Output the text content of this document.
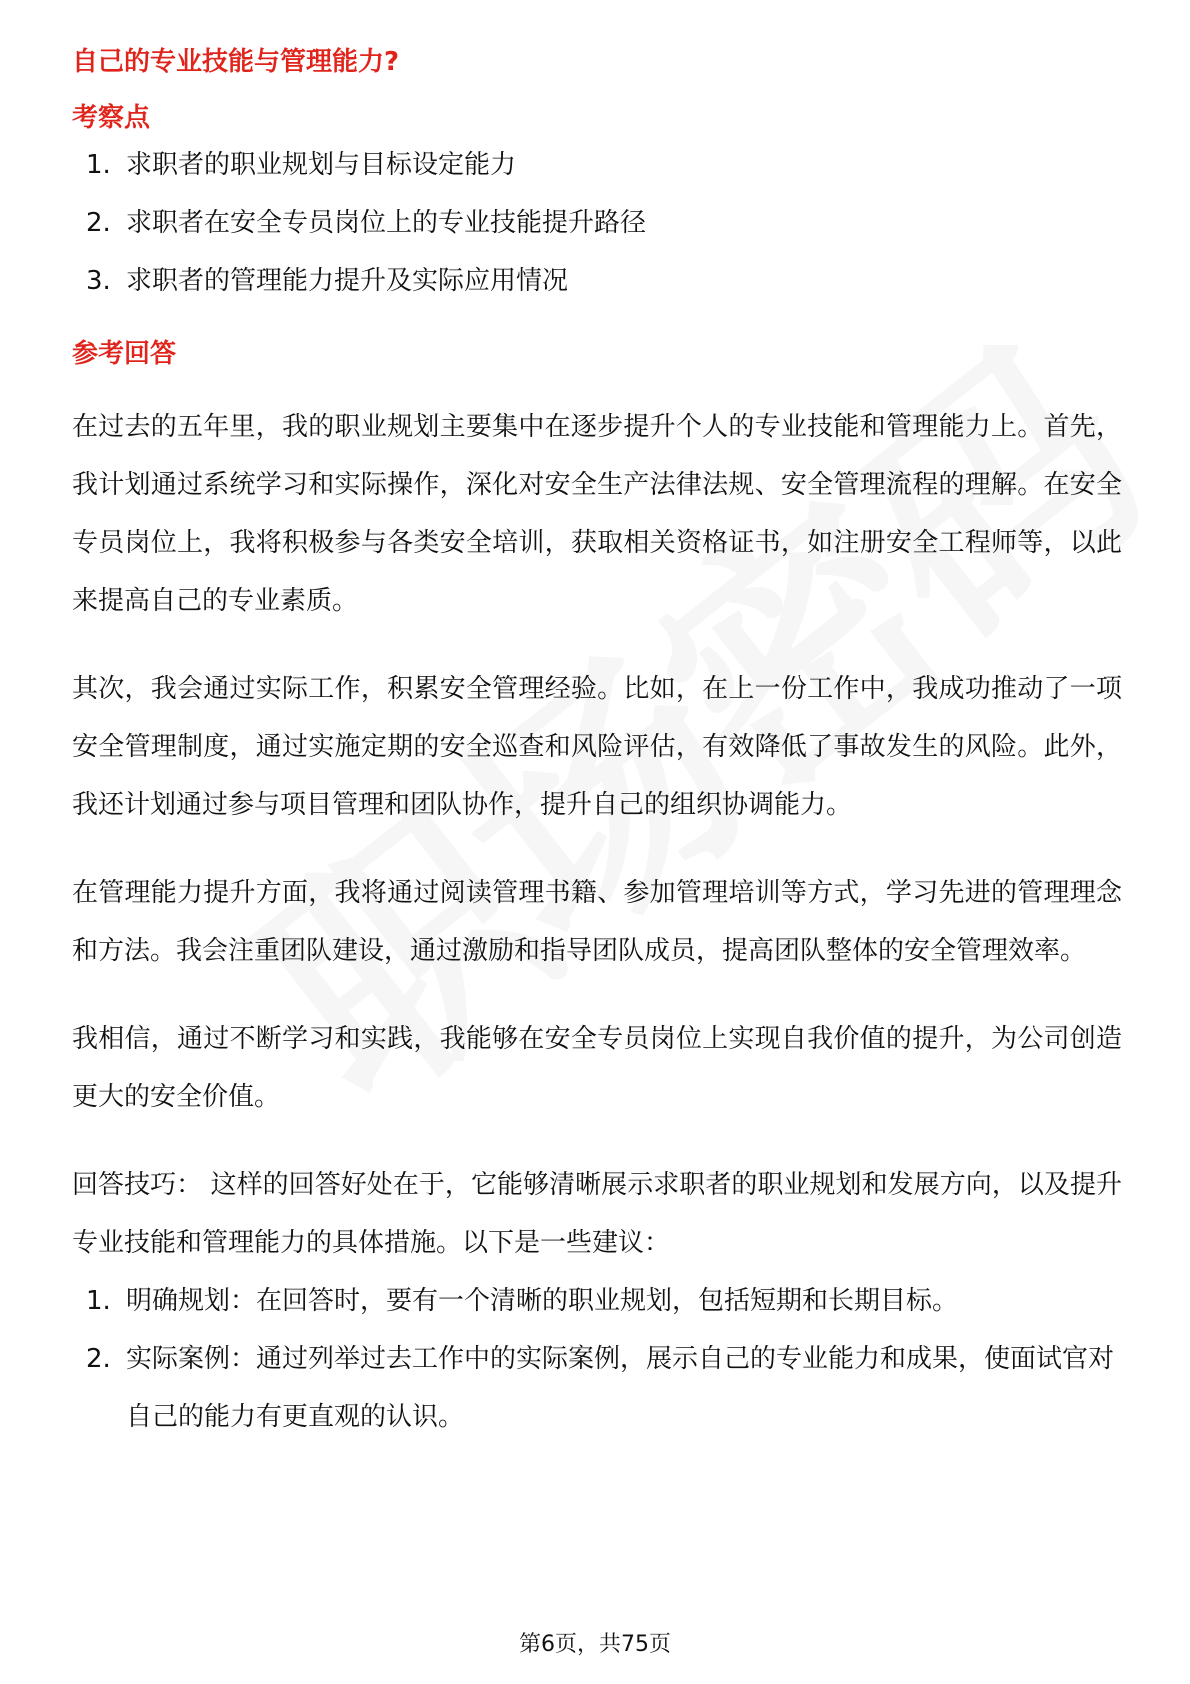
自己的专业技能与管理能力?

考察点

1. 求职者的职业规划与目标设定能力
2. 求职者在安全专员岗位上的专业技能提升路径
3. 求职者的管理能力提升及实际应用情况

参考回答

在过去的五年里，我的职业规划主要集中在逐步提升个人的专业技能和管理能力上。首先，我计划通过系统学习和实际操作，深化对安全生产法律法规、安全管理流程的理解。在安全专员岗位上，我将积极参与各类安全培训，获取相关资格证书，如注册安全工程师等，以此来提高自己的专业素质。

其次，我会通过实际工作，积累安全管理经验。比如，在上一份工作中，我成功推动了一项安全管理制度，通过实施定期的安全巡查和风险评估，有效降低了事故发生的风险。此外，我还计划通过参与项目管理和团队协作，提升自己的组织协调能力。

在管理能力提升方面，我将通过阅读管理书籍、参加管理培训等方式，学习先进的管理理念和方法。我会注重团队建设，通过激励和指导团队成员，提高团队整体的安全管理效率。

我相信，通过不断学习和实践，我能够在安全专员岗位上实现自我价值的提升，为公司创造更大的安全价值。

回答技巧： 这样的回答好处在于，它能够清晰展示求职者的职业规划和发展方向，以及提升专业技能和管理能力的具体措施。以下是一些建议：

1. 明确规划：在回答时，要有一个清晰的职业规划，包括短期和长期目标。
2. 实际案例：通过列举过去工作中的实际案例，展示自己的专业能力和成果，使面试官对自己的能力有更直观的认识。
第6页，共75页
